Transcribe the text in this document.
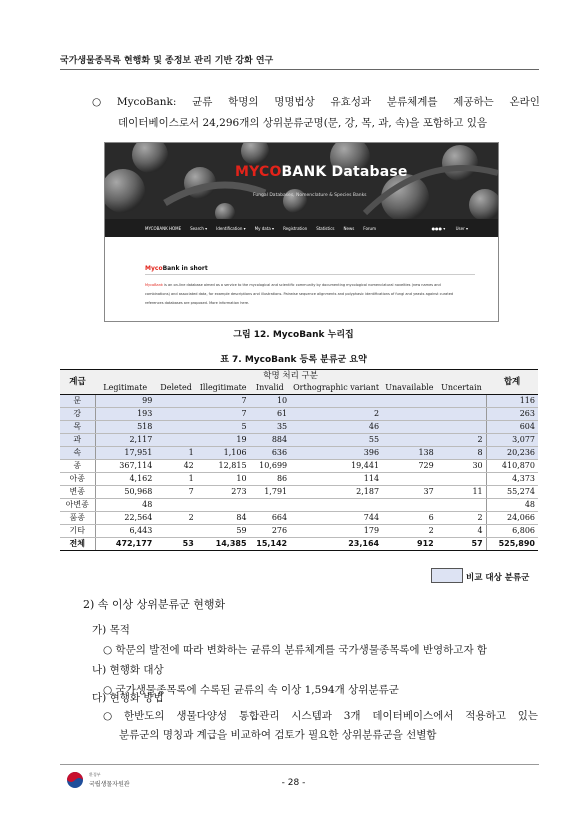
국가생물종목록 현행화 및 종정보 관리 기반 강화 연구
○ MycoBank: 균류 학명의 명명법상 유효성과 분류체계를 제공하는 온라인
데이터베이스로서 24,296개의 상위분류군명(문, 강, 목, 과, 속)을 포함하고 있음
MYCOBANK Database
Fungal Databases, Nomenclature & Species Banks
MYCOBANK HOME Search ▾ Identification ▾ My data ▾ Registration Statistics News Forum	●●● ▾	User ▾
MycoBank in short
MycoBank is an on-line database aimed as a service to the mycological and scientific community by documenting mycological nomenclatural novelties (new names and combinations) and associated data, for example descriptions and illustrations. Pairwise sequence alignments and polyphasic identifications of fungi and yeasts against curated references databases are proposed. More information here.
그림 12. MycoBank 누리집
표 7. MycoBank 등록 분류군 요약
계급	학명 처리 구분							합계
	Legitimate	Deleted	Illegitimate	Invalid	Orthographic variant	Unavailable	Uncertain	
문	99		7	10				116
강	193		7	61	2			263
목	518		5	35	46			604
과	2,117		19	884	55		2	3,077
속	17,951	1	1,106	636	396	138	8	20,236
종	367,114	42	12,815	10,699	19,441	729	30	410,870
아종	4,162	1	10	86	114			4,373
변종	50,968	7	273	1,791	2,187	37	11	55,274
아변종	48							48
품종	22,564	2	84	664	744	6	2	24,066
기타	6,443		59	276	179	2	4	6,806
전체	472,177	53	14,385	15,142	23,164	912	57	525,890
비교 대상 분류군
2) 속 이상 상위분류군 현행화
가) 목적
○ 학문의 발전에 따라 변화하는 균류의 분류체계를 국가생물종목록에 반영하고자 함
나) 현행화 대상
○ 국가생물종목록에 수록된 균류의 속 이상 1,594개 상위분류군
다) 현행화 방법
○ 한반도의 생물다양성 통합관리 시스템과 3개 데이터베이스에서 적용하고 있는
분류군의 명칭과 계급을 비교하여 검토가 필요한 상위분류군을 선별함
환경부
국립생물자원관	- 28 -
